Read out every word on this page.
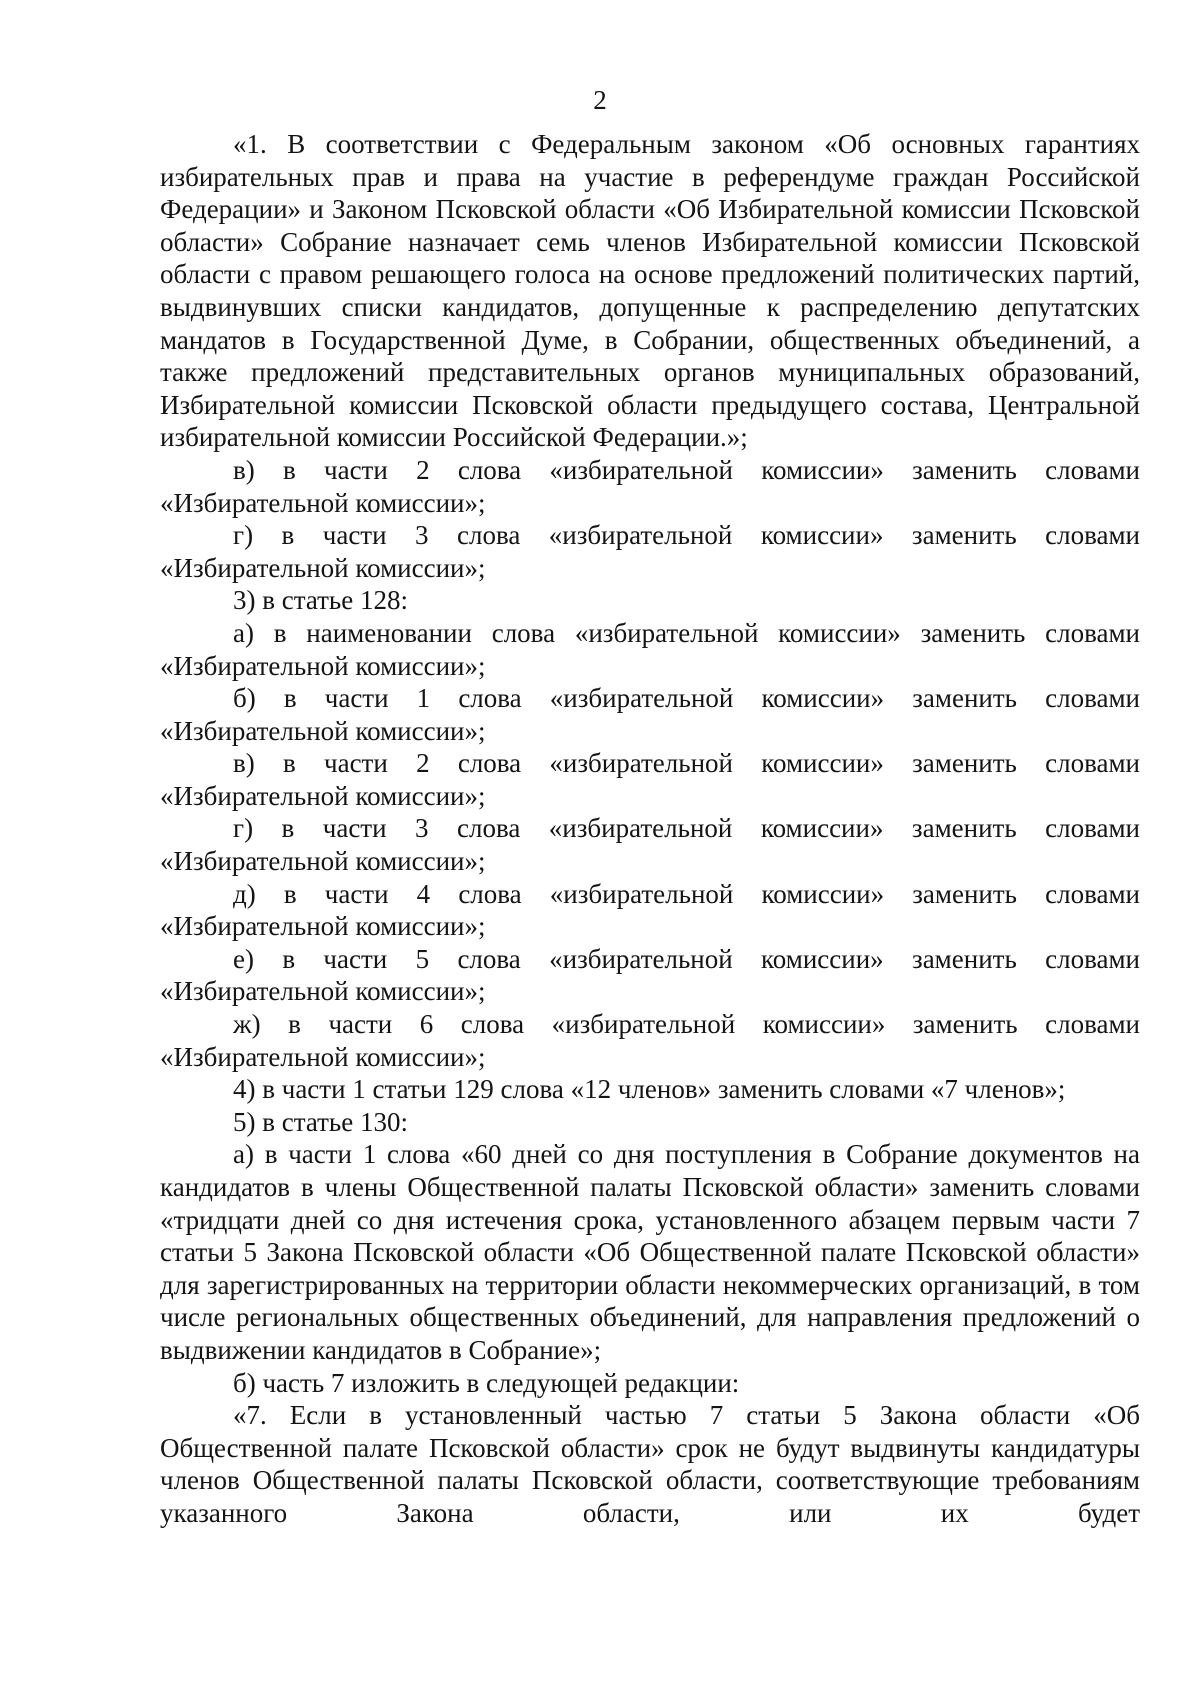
2

«1. В соответствии с Федеральным законом «Об основных гарантиях избирательных прав и права на участие в референдуме граждан Российской Федерации» и Законом Псковской области «Об Избирательной комиссии Псковской области» Собрание назначает семь членов Избирательной комиссии Псковской области с правом решающего голоса на основе предложений политических партий, выдвинувших списки кандидатов, допущенные к распределению депутатских мандатов в Государственной Думе, в Собрании, общественных объединений, а также предложений представительных органов муниципальных образований, Избирательной комиссии Псковской области предыдущего состава, Центральной избирательной комиссии Российской Федерации.»;

в) в части 2 слова «избирательной комиссии» заменить словами «Избирательной комиссии»;

г) в части 3 слова «избирательной комиссии» заменить словами «Избирательной комиссии»;

3) в статье 128:

а) в наименовании слова «избирательной комиссии» заменить словами «Избирательной комиссии»;

б) в части 1 слова «избирательной комиссии» заменить словами «Избирательной комиссии»;

в) в части 2 слова «избирательной комиссии» заменить словами «Избирательной комиссии»;

г) в части 3 слова «избирательной комиссии» заменить словами «Избирательной комиссии»;

д) в части 4 слова «избирательной комиссии» заменить словами «Избирательной комиссии»;

е) в части 5 слова «избирательной комиссии» заменить словами «Избирательной комиссии»;

ж) в части 6 слова «избирательной комиссии» заменить словами «Избирательной комиссии»;

4) в части 1 статьи 129 слова «12 членов» заменить словами «7 членов»;

5) в статье 130:

а) в части 1 слова «60 дней со дня поступления в Собрание документов на кандидатов в члены Общественной палаты Псковской области» заменить словами «тридцати дней со дня истечения срока, установленного абзацем первым части 7 статьи 5 Закона Псковской области «Об Общественной палате Псковской области» для зарегистрированных на территории области некоммерческих организаций, в том числе региональных общественных объединений, для направления предложений о выдвижении кандидатов в Собрание»;

б) часть 7 изложить в следующей редакции:

«7. Если в установленный частью 7 статьи 5 Закона области «Об Общественной палате Псковской области» срок не будут выдвинуты кандидатуры членов Общественной палаты Псковской области, соответствующие требованиям указанного Закона области, или их будет
